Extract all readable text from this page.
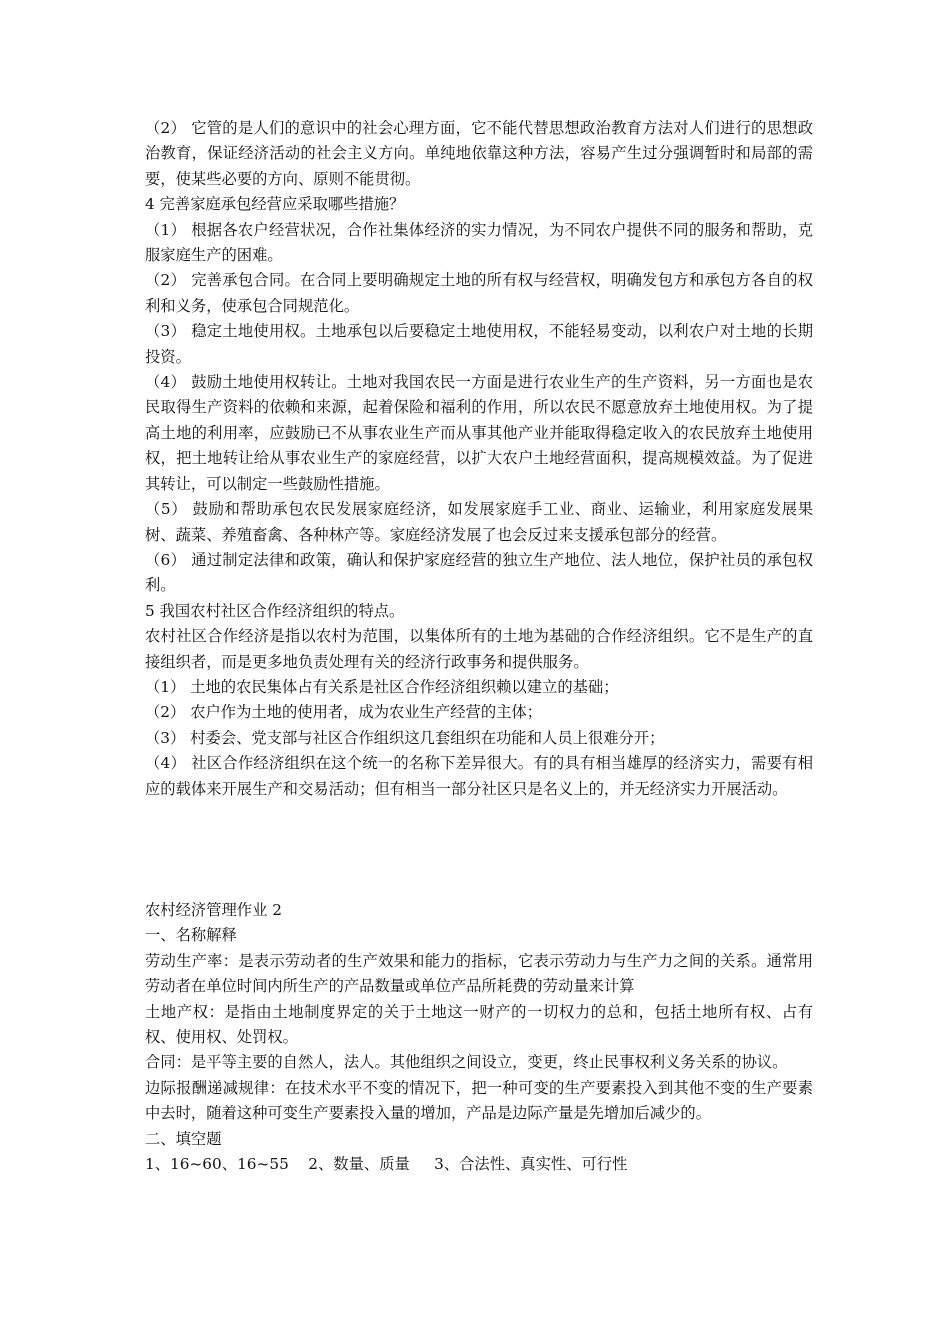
（2） 它管的是人们的意识中的社会心理方面，它不能代替思想政治教育方法对人们进行的思想政治教育，保证经济活动的社会主义方向。单纯地依靠这种方法，容易产生过分强调暂时和局部的需要，使某些必要的方向、原则不能贯彻。

4 完善家庭承包经营应采取哪些措施？

（1） 根据各农户经营状况，合作社集体经济的实力情况，为不同农户提供不同的服务和帮助，克服家庭生产的困难。

（2） 完善承包合同。在合同上要明确规定土地的所有权与经营权，明确发包方和承包方各自的权利和义务，使承包合同规范化。

（3） 稳定土地使用权。土地承包以后要稳定土地使用权，不能轻易变动，以利农户对土地的长期投资。

（4） 鼓励土地使用权转让。土地对我国农民一方面是进行农业生产的生产资料，另一方面也是农民取得生产资料的依赖和来源，起着保险和福利的作用，所以农民不愿意放弃土地使用权。为了提高土地的利用率，应鼓励已不从事农业生产而从事其他产业并能取得稳定收入的农民放弃土地使用权，把土地转让给从事农业生产的家庭经营，以扩大农户土地经营面积，提高规模效益。为了促进其转让，可以制定一些鼓励性措施。

（5） 鼓励和帮助承包农民发展家庭经济，如发展家庭手工业、商业、运输业，利用家庭发展果树、蔬菜、养殖畜禽、各种林产等。家庭经济发展了也会反过来支援承包部分的经营。

（6） 通过制定法律和政策，确认和保护家庭经营的独立生产地位、法人地位，保护社员的承包权利。

5 我国农村社区合作经济组织的特点。

农村社区合作经济是指以农村为范围，以集体所有的土地为基础的合作经济组织。它不是生产的直接组织者，而是更多地负责处理有关的经济行政事务和提供服务。

（1） 土地的农民集体占有关系是社区合作经济组织赖以建立的基础；

（2） 农户作为土地的使用者，成为农业生产经营的主体；

（3） 村委会、党支部与社区合作组织这几套组织在功能和人员上很难分开；

（4） 社区合作经济组织在这个统一的名称下差异很大。有的具有相当雄厚的经济实力，需要有相应的载体来开展生产和交易活动；但有相当一部分社区只是名义上的，并无经济实力开展活动。

农村经济管理作业 2

一、名称解释

劳动生产率：是表示劳动者的生产效果和能力的指标，它表示劳动力与生产力之间的关系。通常用劳动者在单位时间内所生产的产品数量或单位产品所耗费的劳动量来计算

土地产权：是指由土地制度界定的关于土地这一财产的一切权力的总和，包括土地所有权、占有权、使用权、处罚权。

合同：是平等主要的自然人，法人。其他组织之间设立，变更，终止民事权利义务关系的协议。

边际报酬递减规律：在技术水平不变的情况下，把一种可变的生产要素投入到其他不变的生产要素中去时，随着这种可变生产要素投入量的增加，产品是边际产量是先增加后减少的。

二、填空题

1、16~60、16~55    2、数量、质量     3、合法性、真实性、可行性
